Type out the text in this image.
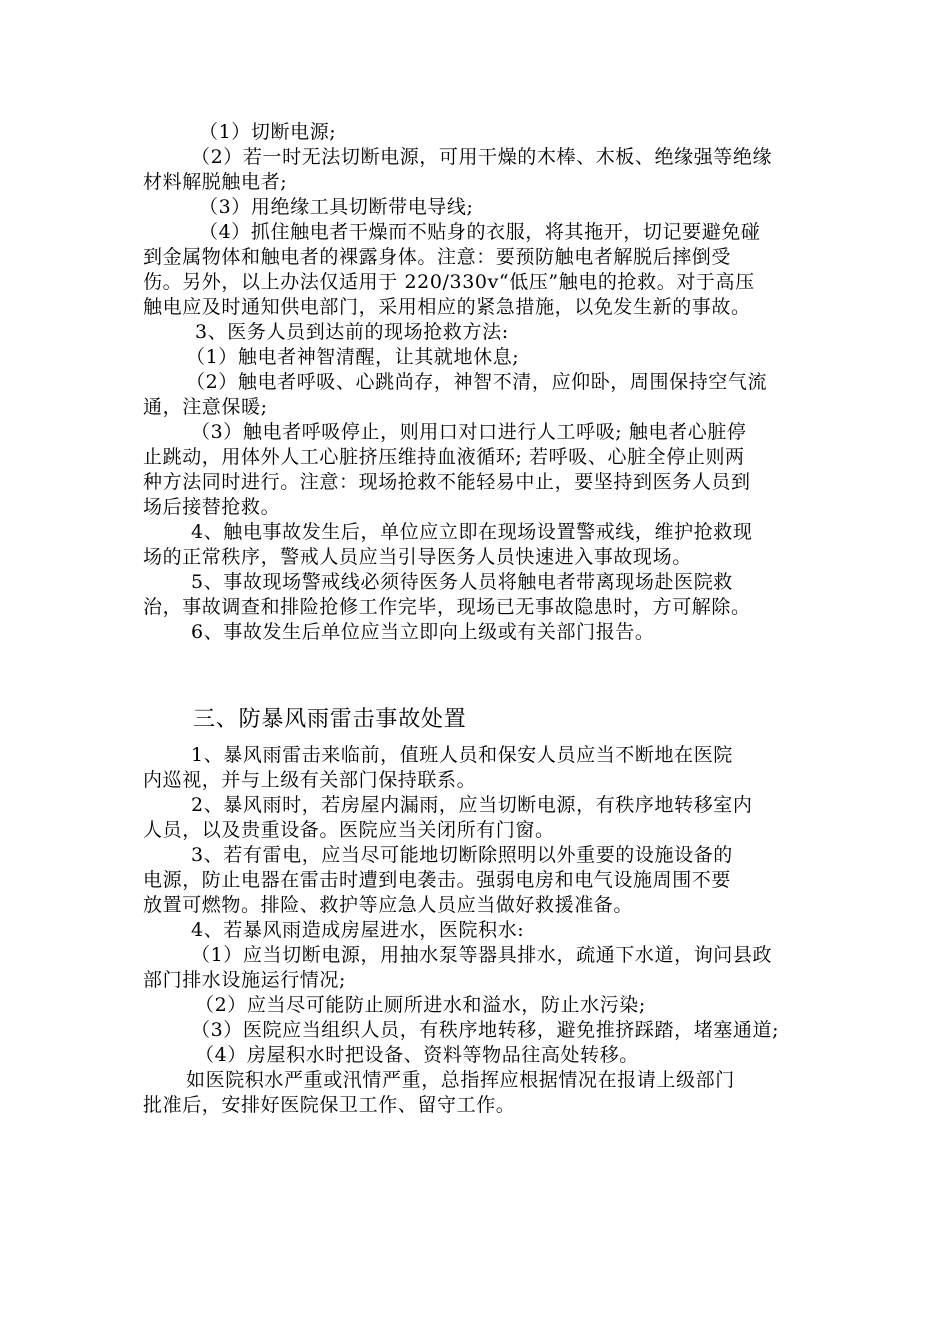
（1）切断电源;
（2）若一时无法切断电源，可用干燥的木棒、木板、绝缘强等绝缘
材料解脱触电者;
（3）用绝缘工具切断带电导线;
（4）抓住触电者干燥而不贴身的衣服，将其拖开，切记要避免碰
到金属物体和触电者的裸露身体。注意：要预防触电者解脱后摔倒受
伤。另外，以上办法仅适用于 220/330v“低压”触电的抢救。对于高压
触电应及时通知供电部门，采用相应的紧急措施，以免发生新的事故。
3、医务人员到达前的现场抢救方法:
（1）触电者神智清醒，让其就地休息;
（2）触电者呼吸、心跳尚存，神智不清，应仰卧，周围保持空气流
通，注意保暖;
（3）触电者呼吸停止，则用口对口进行人工呼吸; 触电者心脏停
止跳动，用体外人工心脏挤压维持血液循环; 若呼吸、心脏全停止则两
种方法同时进行。注意：现场抢救不能轻易中止，要坚持到医务人员到
场后接替抢救。
4、触电事故发生后，单位应立即在现场设置警戒线，维护抢救现
场的正常秩序，警戒人员应当引导医务人员快速进入事故现场。
5、事故现场警戒线必须待医务人员将触电者带离现场赴医院救
治，事故调查和排险抢修工作完毕，现场已无事故隐患时，方可解除。
6、事故发生后单位应当立即向上级或有关部门报告。
三、防暴风雨雷击事故处置
1、暴风雨雷击来临前，值班人员和保安人员应当不断地在医院
内巡视，并与上级有关部门保持联系。
2、暴风雨时，若房屋内漏雨，应当切断电源，有秩序地转移室内
人员，以及贵重设备。医院应当关闭所有门窗。
3、若有雷电，应当尽可能地切断除照明以外重要的设施设备的
电源，防止电器在雷击时遭到电袭击。强弱电房和电气设施周围不要
放置可燃物。排险、救护等应急人员应当做好救援准备。
4、若暴风雨造成房屋进水，医院积水:
（1）应当切断电源，用抽水泵等器具排水，疏通下水道，询问县政
部门排水设施运行情况;
（2）应当尽可能防止厕所进水和溢水，防止水污染;
（3）医院应当组织人员，有秩序地转移，避免推挤踩踏，堵塞通道;
（4）房屋积水时把设备、资料等物品往高处转移。
如医院积水严重或汛情严重，总指挥应根据情况在报请上级部门
批准后，安排好医院保卫工作、留守工作。
